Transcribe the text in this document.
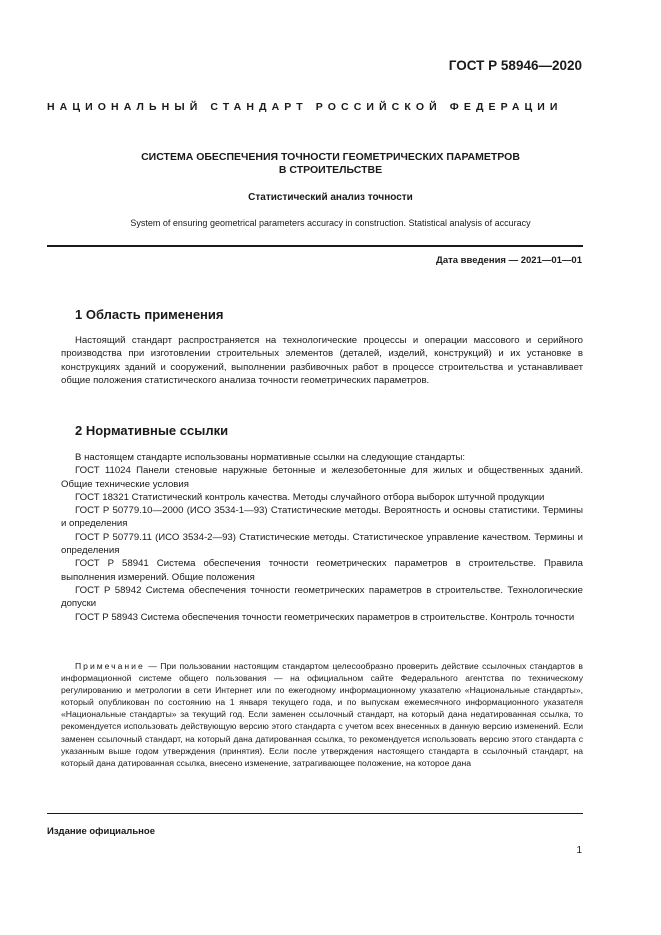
ГОСТ Р 58946—2020
НАЦИОНАЛЬНЫЙ СТАНДАРТ РОССИЙСКОЙ ФЕДЕРАЦИИ
СИСТЕМА ОБЕСПЕЧЕНИЯ ТОЧНОСТИ ГЕОМЕТРИЧЕСКИХ ПАРАМЕТРОВ
В СТРОИТЕЛЬСТВЕ
Статистический анализ точности
System of ensuring geometrical parameters accuracy in construction. Statistical analysis of accuracy
Дата введения — 2021—01—01
1 Область применения

Настоящий стандарт распространяется на технологические процессы и операции массового и серийного производства при изготовлении строительных элементов (деталей, изделий, конструкций) и их установке в конструкциях зданий и сооружений, выполнении разбивочных работ в процессе строительства и устанавливает общие положения статистического анализа точности геометрических параметров.

2 Нормативные ссылки

В настоящем стандарте использованы нормативные ссылки на следующие стандарты:

ГОСТ 11024 Панели стеновые наружные бетонные и железобетонные для жилых и общественных зданий. Общие технические условия

ГОСТ 18321 Статистический контроль качества. Методы случайного отбора выборок штучной продукции

ГОСТ Р 50779.10—2000 (ИСО 3534-1—93) Статистические методы. Вероятность и основы статистики. Термины и определения

ГОСТ Р 50779.11 (ИСО 3534-2—93) Статистические методы. Статистическое управление качеством. Термины и определения

ГОСТ Р 58941 Система обеспечения точности геометрических параметров в строительстве. Правила выполнения измерений. Общие положения

ГОСТ Р 58942 Система обеспечения точности геометрических параметров в строительстве. Технологические допуски

ГОСТ Р 58943 Система обеспечения точности геометрических параметров в строительстве. Контроль точности

Примечание — При пользовании настоящим стандартом целесообразно проверить действие ссылочных стандартов в информационной системе общего пользования — на официальном сайте Федерального агентства по техническому регулированию и метрологии в сети Интернет или по ежегодному информационному указателю «Национальные стандарты», который опубликован по состоянию на 1 января текущего года, и по выпускам ежемесячного информационного указателя «Национальные стандарты» за текущий год. Если заменен ссылочный стандарт, на который дана недатированная ссылка, то рекомендуется использовать действующую версию этого стандарта с учетом всех внесенных в данную версию изменений. Если заменен ссылочный стандарт, на который дана датированная ссылка, то рекомендуется использовать версию этого стандарта с указанным выше годом утверждения (принятия). Если после утверждения настоящего стандарта в ссылочный стандарт, на который дана датированная ссылка, внесено изменение, затрагивающее положение, на которое дана
Издание официальное
1
